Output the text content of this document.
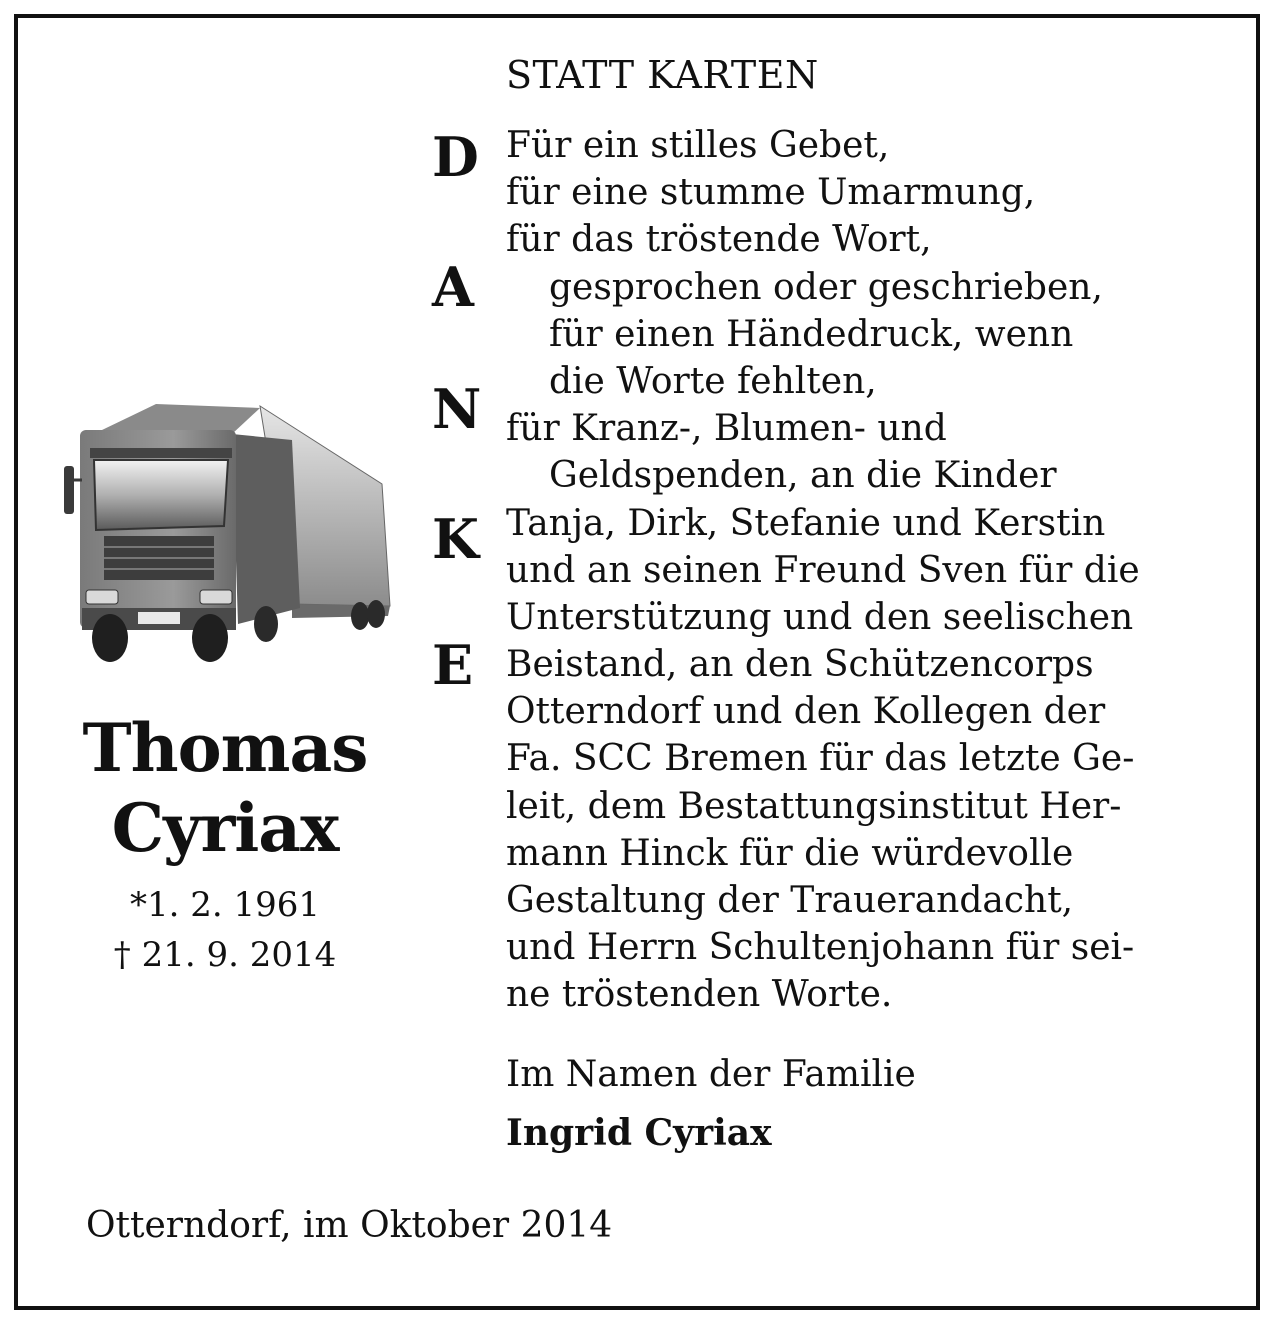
STATT KARTEN
D
A
N
K
E
Für ein stilles Gebet,
für eine stumme Umarmung,
für das tröstende Wort,
gesprochen oder geschrieben,
für einen Händedruck, wenn
die Worte fehlten,
für Kranz-, Blumen- und
Geldspenden, an die Kinder
Tanja, Dirk, Stefanie und Kerstin
und an seinen Freund Sven für die
Unterstützung und den seelischen
Beistand, an den Schützencorps
Otterndorf und den Kollegen der
Fa. SCC Bremen für das letzte Ge-
leit, dem Bestattungsinstitut Her-
mann Hinck für die würdevolle
Gestaltung der Trauerandacht,
und Herrn Schultenjohann für sei-
ne tröstenden Worte.
Im Namen der Familie
Ingrid Cyriax
Thomas
Cyriax
*1. 2. 1961
† 21. 9. 2014
Otterndorf, im Oktober 2014
